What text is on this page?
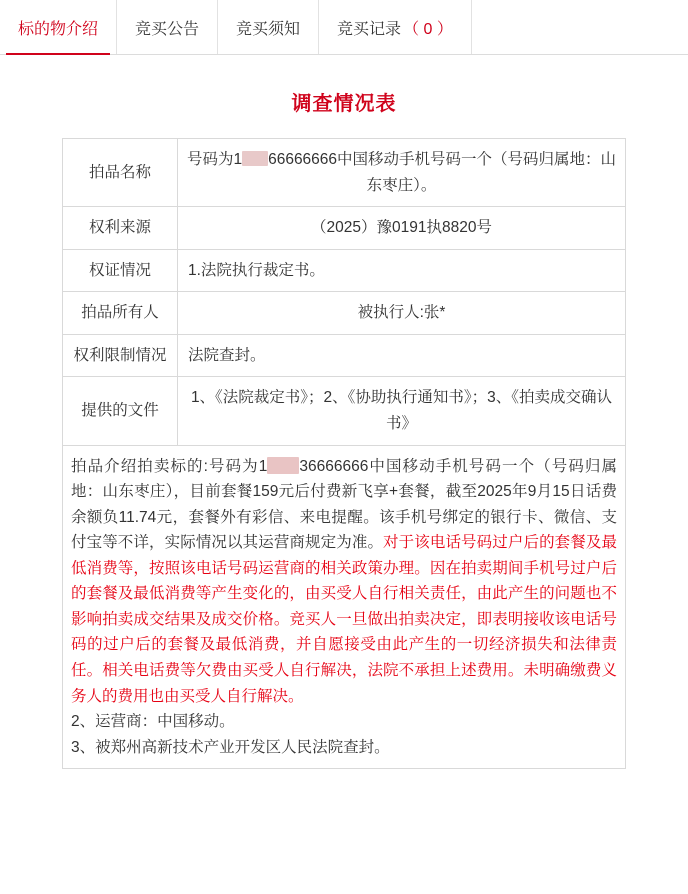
标的物介绍 竞买公告 竞买须知 竞买记录 （ 0 ）
调查情况表
拍品名称	号码为1 66666666中国移动手机号码一个（号码归属地：山东枣庄）。
权利来源	（2025）豫0191执8820号
权证情况	1.法院执行裁定书。
拍品所有人	被执行人:张*
权利限制情况	法院查封。
提供的文件	1、《法院裁定书》；2、《协助执行通知书》；3、《拍卖成交确认书》

拍品介绍拍卖标的:号码为1 36666666中国移动手机号码一个（号码归属地：山东枣庄），目前套餐159元后付费新飞享+套餐，截至2025年9月15日话费余额负11.74元，套餐外有彩信、来电提醒。该手机号绑定的银行卡、微信、支付宝等不详，实际情况以其运营商规定为准。对于该电话号码过户后的套餐及最低消费等，按照该电话号码运营商的相关政策办理。因在拍卖期间手机号过户后的套餐及最低消费等产生变化的，由买受人自行相关责任，由此产生的问题也不影响拍卖成交结果及成交价格。竞买人一旦做出拍卖决定，即表明接收该电话号码的过户后的套餐及最低消费，并自愿接受由此产生的一切经济损失和法律责任。相关电话费等欠费由买受人自行解决，法院不承担上述费用。未明确缴费义务人的费用也由买受人自行解决。

2、运营商：中国移动。

3、被郑州高新技术产业开发区人民法院查封。	
